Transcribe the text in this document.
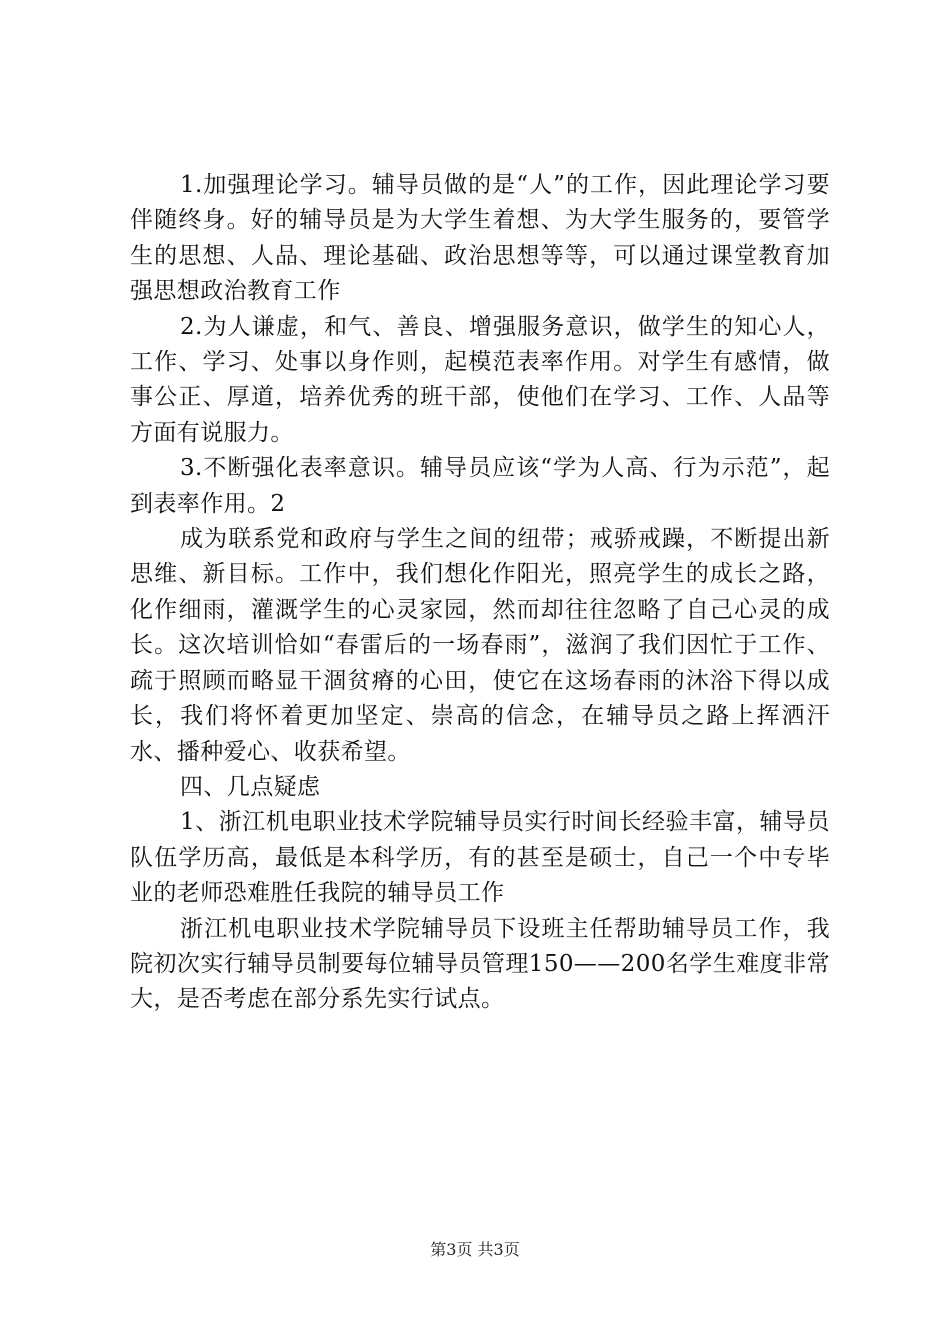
1.加强理论学习。辅导员做的是“人”的工作，因此理论学习要伴随终身。好的辅导员是为大学生着想、为大学生服务的，要管学生的思想、人品、理论基础、政治思想等等，可以通过课堂教育加强思想政治教育工作

2.为人谦虚，和气、善良、增强服务意识，做学生的知心人，工作、学习、处事以身作则，起模范表率作用。对学生有感情，做事公正、厚道，培养优秀的班干部，使他们在学习、工作、人品等方面有说服力。

3.不断强化表率意识。辅导员应该“学为人高、行为示范”，起到表率作用。2

成为联系党和政府与学生之间的纽带；戒骄戒躁，不断提出新思维、新目标。工作中，我们想化作阳光，照亮学生的成长之路，化作细雨，灌溉学生的心灵家园，然而却往往忽略了自己心灵的成长。这次培训恰如“春雷后的一场春雨”，滋润了我们因忙于工作、疏于照顾而略显干涸贫瘠的心田，使它在这场春雨的沐浴下得以成长，我们将怀着更加坚定、崇高的信念，在辅导员之路上挥洒汗水、播种爱心、收获希望。

四、几点疑虑

1、浙江机电职业技术学院辅导员实行时间长经验丰富，辅导员队伍学历高，最低是本科学历，有的甚至是硕士，自己一个中专毕业的老师恐难胜任我院的辅导员工作

浙江机电职业技术学院辅导员下设班主任帮助辅导员工作，我院初次实行辅导员制要每位辅导员管理150——200名学生难度非常大，是否考虑在部分系先实行试点。

第3页 共3页
